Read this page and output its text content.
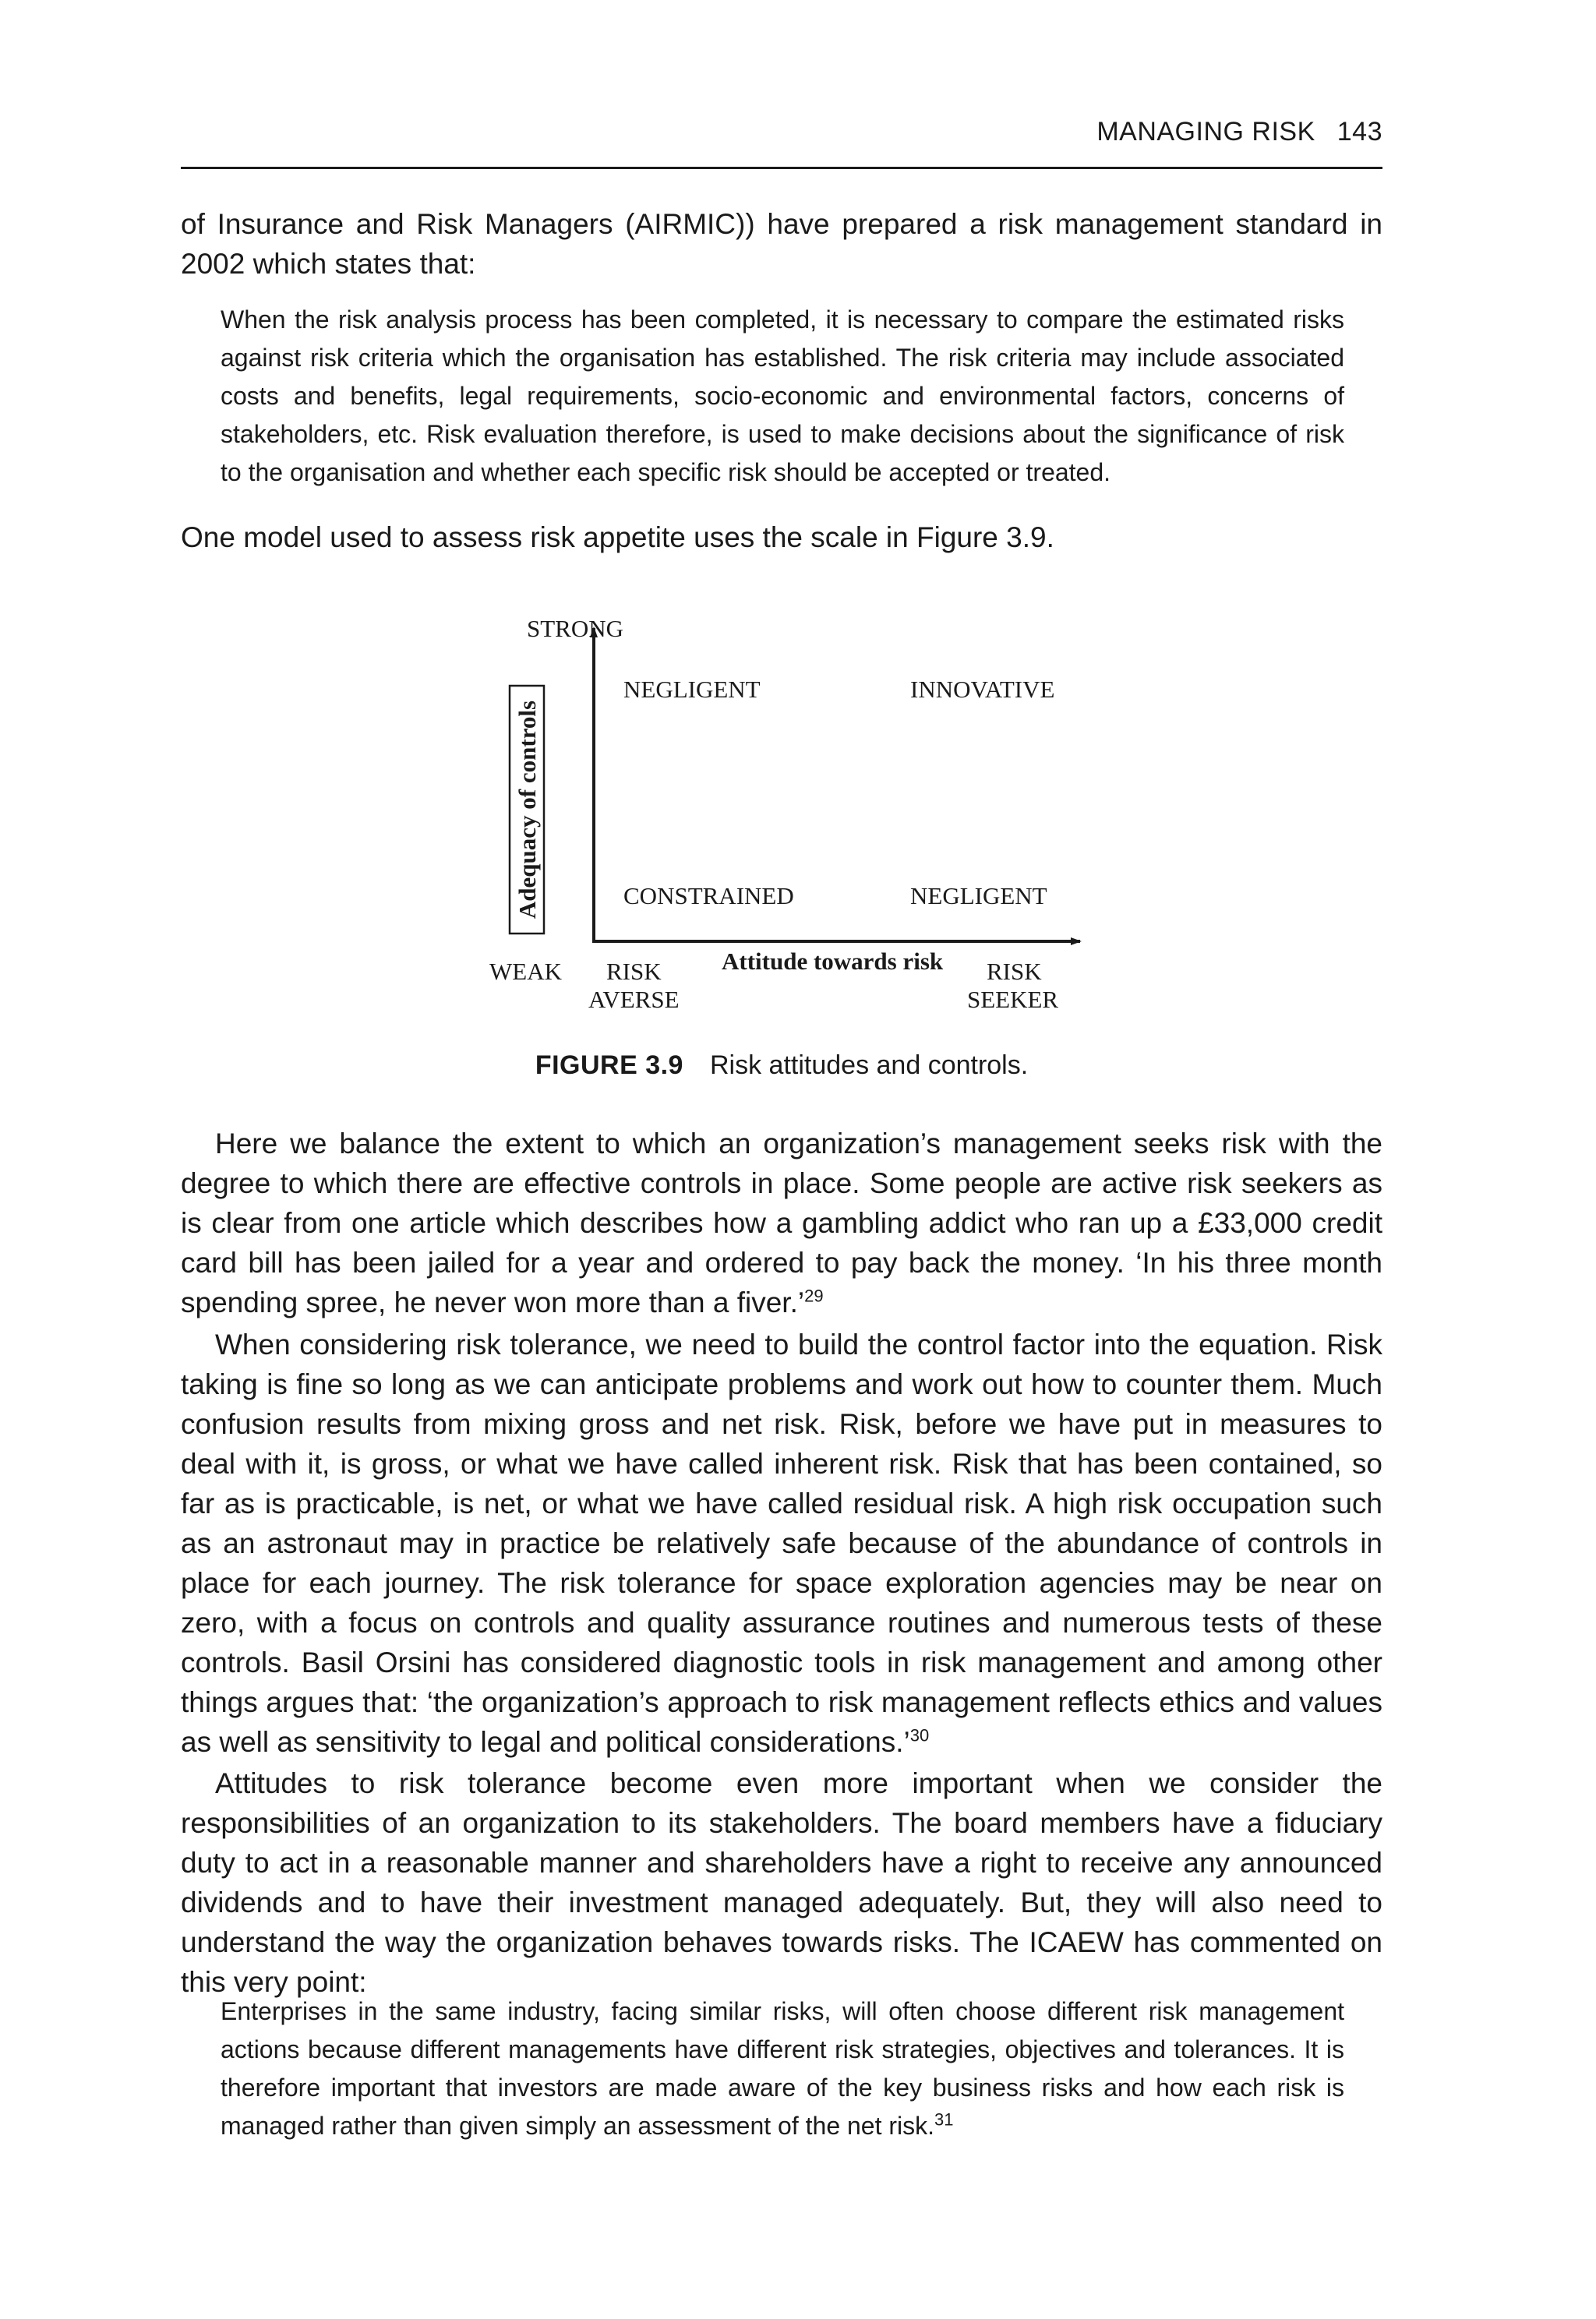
MANAGING RISK 143

of Insurance and Risk Managers (AIRMIC)) have prepared a risk management standard in 2002 which states that:

When the risk analysis process has been completed, it is necessary to compare the estimated risks against risk criteria which the organisation has established. The risk criteria may include associated costs and benefits, legal requirements, socio-economic and environmental factors, concerns of stakeholders, etc. Risk evaluation therefore, is used to make decisions about the significance of risk to the organisation and whether each specific risk should be accepted or treated.

One model used to assess risk appetite uses the scale in Figure 3.9.

STRONG
WEAK
Adequacy of controls
NEGLIGENT	INNOVATIVE
CONSTRAINED	NEGLIGENT
RISK
AVERSE
Attitude towards risk RISK
SEEKER
FIGURE 3.9 Risk attitudes and controls.

Here we balance the extent to which an organization’s management seeks risk with the degree to which there are effective controls in place. Some people are active risk seekers as is clear from one article which describes how a gambling addict who ran up a £33,000 credit card bill has been jailed for a year and ordered to pay back the money. ‘In his three month spending spree, he never won more than a fiver.’$^{29}$

When considering risk tolerance, we need to build the control factor into the equation. Risk taking is fine so long as we can anticipate problems and work out how to counter them. Much confusion results from mixing gross and net risk. Risk, before we have put in measures to deal with it, is gross, or what we have called inherent risk. Risk that has been contained, so far as is practicable, is net, or what we have called residual risk. A high risk occupation such as an astronaut may in practice be relatively safe because of the abundance of controls in place for each journey. The risk tolerance for space exploration agencies may be near on zero, with a focus on controls and quality assurance routines and numerous tests of these controls. Basil Orsini has considered diagnostic tools in risk management and among other things argues that: ‘the organization’s approach to risk management reflects ethics and values as well as sensitivity to legal and political considerations.’$^{30}$

Attitudes to risk tolerance become even more important when we consider the responsibilities of an organization to its stakeholders. The board members have a fiduciary duty to act in a reasonable manner and shareholders have a right to receive any announced dividends and to have their investment managed adequately. But, they will also need to understand the way the organization behaves towards risks. The ICAEW has commented on this very point:

Enterprises in the same industry, facing similar risks, will often choose different risk management actions because different managements have different risk strategies, objectives and tolerances. It is therefore important that investors are made aware of the key business risks and how each risk is managed rather than given simply an assessment of the net risk.$^{31}$
